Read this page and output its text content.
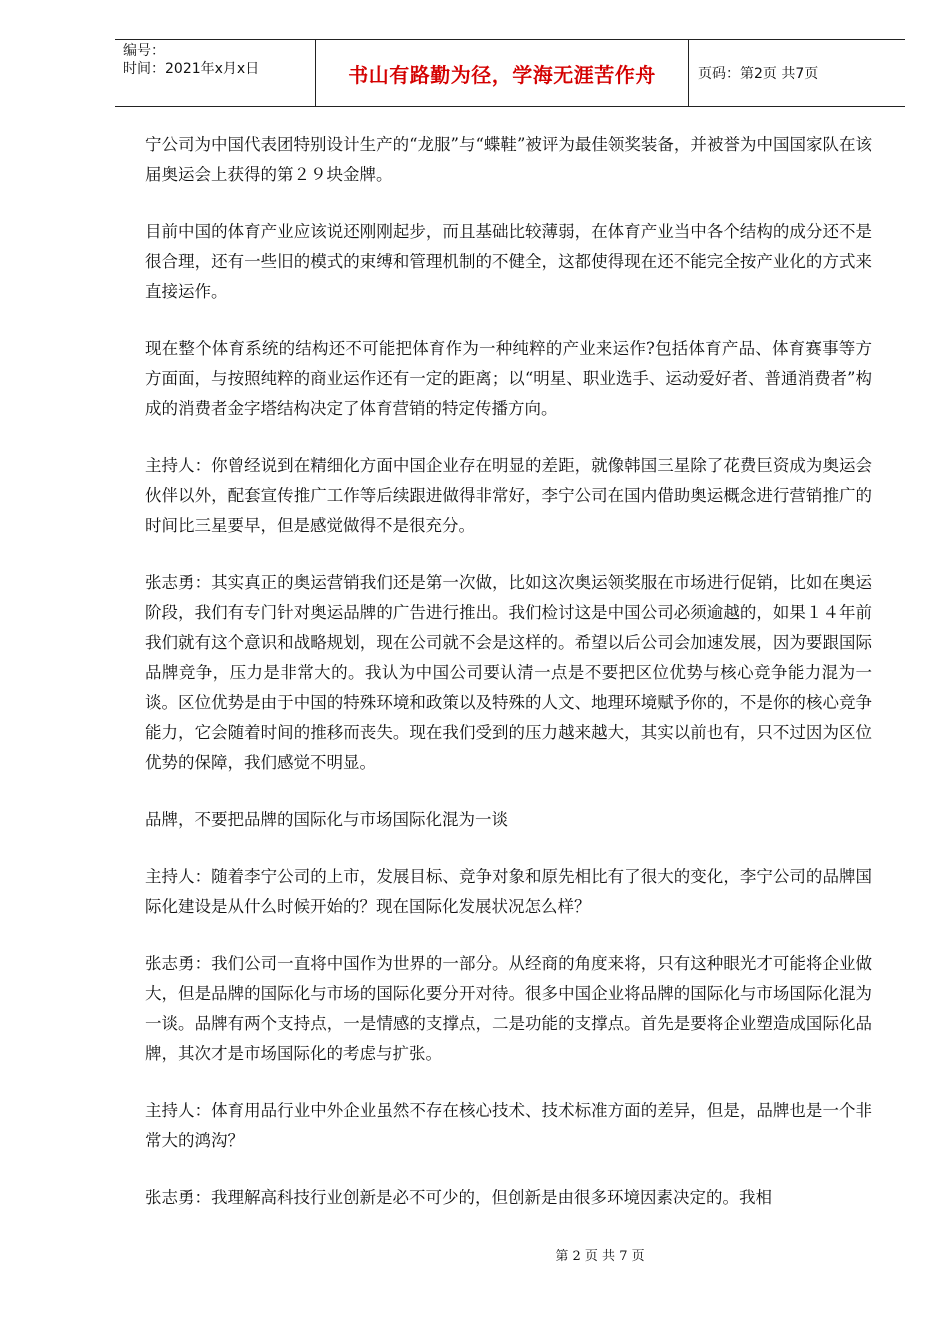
编号：
时间：2021年x月x日	书山有路勤为径，学海无涯苦作舟	页码：第2页 共7页

宁公司为中国代表团特别设计生产的“龙服”与“蝶鞋”被评为最佳领奖装备，并被誉为中国国家队在该届奥运会上获得的第２９块金牌。

目前中国的体育产业应该说还刚刚起步，而且基础比较薄弱，在体育产业当中各个结构的成分还不是很合理，还有一些旧的模式的束缚和管理机制的不健全，这都使得现在还不能完全按产业化的方式来直接运作。

现在整个体育系统的结构还不可能把体育作为一种纯粹的产业来运作?包括体育产品、体育赛事等方方面面，与按照纯粹的商业运作还有一定的距离；以“明星、职业选手、运动爱好者、普通消费者”构成的消费者金字塔结构决定了体育营销的特定传播方向。

主持人：你曾经说到在精细化方面中国企业存在明显的差距，就像韩国三星除了花费巨资成为奥运会伙伴以外，配套宣传推广工作等后续跟进做得非常好，李宁公司在国内借助奥运概念进行营销推广的时间比三星要早，但是感觉做得不是很充分。

张志勇：其实真正的奥运营销我们还是第一次做，比如这次奥运领奖服在市场进行促销，比如在奥运阶段，我们有专门针对奥运品牌的广告进行推出。我们检讨这是中国公司必须逾越的，如果１４年前我们就有这个意识和战略规划，现在公司就不会是这样的。希望以后公司会加速发展，因为要跟国际品牌竞争，压力是非常大的。我认为中国公司要认清一点是不要把区位优势与核心竞争能力混为一谈。区位优势是由于中国的特殊环境和政策以及特殊的人文、地理环境赋予你的，不是你的核心竞争能力，它会随着时间的推移而丧失。现在我们受到的压力越来越大，其实以前也有，只不过因为区位优势的保障，我们感觉不明显。

品牌，不要把品牌的国际化与市场国际化混为一谈

主持人：随着李宁公司的上市，发展目标、竞争对象和原先相比有了很大的变化，李宁公司的品牌国际化建设是从什么时候开始的？现在国际化发展状况怎么样？

张志勇：我们公司一直将中国作为世界的一部分。从经商的角度来将，只有这种眼光才可能将企业做大，但是品牌的国际化与市场的国际化要分开对待。很多中国企业将品牌的国际化与市场国际化混为一谈。品牌有两个支持点，一是情感的支撑点，二是功能的支撑点。首先是要将企业塑造成国际化品牌，其次才是市场国际化的考虑与扩张。

主持人：体育用品行业中外企业虽然不存在核心技术、技术标准方面的差异，但是，品牌也是一个非常大的鸿沟？

张志勇：我理解高科技行业创新是必不可少的，但创新是由很多环境因素决定的。我相

第 2 页 共 7 页
